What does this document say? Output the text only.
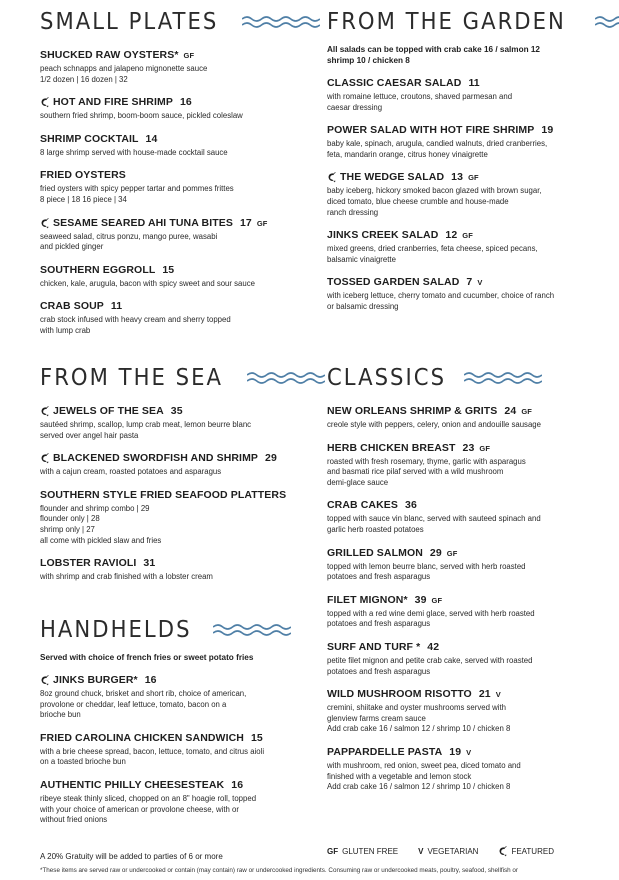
SMALL PLATES
SHUCKED RAW OYSTERS* GF
peach schnapps and jalapeno mignonette sauce
1/2 dozen | 16 dozen | 32
HOT AND FIRE SHRIMP 16
southern fried shrimp, boom-boom sauce, pickled coleslaw
SHRIMP COCKTAIL 14
8 large shrimp served with house-made cocktail sauce
FRIED OYSTERS
fried oysters with spicy pepper tartar and pommes frittes
8 piece | 18 16 piece | 34
SESAME SEARED AHI TUNA BITES 17 GF
seaweed salad, citrus ponzu, mango puree, wasabi
and pickled ginger
SOUTHERN EGGROLL 15
chicken, kale, arugula, bacon with spicy sweet and sour sauce
CRAB SOUP 11
crab stock infused with heavy cream and sherry topped
with lump crab
FROM THE SEA
JEWELS OF THE SEA 35
sautéed shrimp, scallop, lump crab meat, lemon beurre blanc
served over angel hair pasta
BLACKENED SWORDFISH AND SHRIMP 29
with a cajun cream, roasted potatoes and asparagus
SOUTHERN STYLE FRIED SEAFOOD PLATTERS
flounder and shrimp combo | 29
flounder only | 28
shrimp only | 27
all come with pickled slaw and fries
LOBSTER RAVIOLI 31
with shrimp and crab finished with a lobster cream
HANDHELDS
Served with choice of french fries or sweet potato fries
JINKS BURGER* 16
8oz ground chuck, brisket and short rib, choice of american,
provolone or cheddar, leaf lettuce, tomato, bacon on a
brioche bun
FRIED CAROLINA CHICKEN SANDWICH 15
with a brie cheese spread, bacon, lettuce, tomato, and citrus aioli
on a toasted brioche bun
AUTHENTIC PHILLY CHEESESTEAK 16
ribeye steak thinly sliced, chopped on an 8" hoagie roll, topped
with your choice of american or provolone cheese, with or
without fried onions
FROM THE GARDEN
All salads can be topped with crab cake 16 / salmon 12
shrimp 10 / chicken 8
CLASSIC CAESAR SALAD 11
with romaine lettuce, croutons, shaved parmesan and
caesar dressing
POWER SALAD WITH HOT FIRE SHRIMP 19
baby kale, spinach, arugula, candied walnuts, dried cranberries,
feta, mandarin orange, citrus honey vinaigrette
THE WEDGE SALAD 13 GF
baby iceberg, hickory smoked bacon glazed with brown sugar,
diced tomato, blue cheese crumble and house-made
ranch dressing
JINKS CREEK SALAD 12 GF
mixed greens, dried cranberries, feta cheese, spiced pecans,
balsamic vinaigrette
TOSSED GARDEN SALAD 7 V
with iceberg lettuce, cherry tomato and cucumber, choice of ranch
or balsamic dressing
CLASSICS
NEW ORLEANS SHRIMP & GRITS 24 GF
creole style with peppers, celery, onion and andouille sausage
HERB CHICKEN BREAST 23 GF
roasted with fresh rosemary, thyme, garlic with asparagus
and basmati rice pilaf served with a wild mushroom
demi-glace sauce
CRAB CAKES 36
topped with sauce vin blanc, served with sauteed spinach and
garlic herb roasted potatoes
GRILLED SALMON 29 GF
topped with lemon beurre blanc, served with herb roasted
potatoes and fresh asparagus
FILET MIGNON* 39 GF
topped with a red wine demi glace, served with herb roasted
potatoes and fresh asparagus
SURF AND TURF * 42
petite filet mignon and petite crab cake, served with roasted
potatoes and fresh asparagus
WILD MUSHROOM RISOTTO 21 V
cremini, shiitake and oyster mushrooms served with
glenview farms cream sauce
Add crab cake 16 / salmon 12 / shrimp 10 / chicken 8
PAPPARDELLE PASTA 19 V
with mushroom, red onion, sweet pea, diced tomato and
finished with a vegetable and lemon stock
Add crab cake 16 / salmon 12 / shrimp 10 / chicken 8
A 20% Gratuity will be added to parties of 6 or more
GF GLUTEN FREE	V VEGETARIAN	FEATURED
*These items are served raw or undercooked or contain (may contain) raw or undercooked ingredients. Consuming raw or undercooked meats, poultry, seafood, shellfish or
